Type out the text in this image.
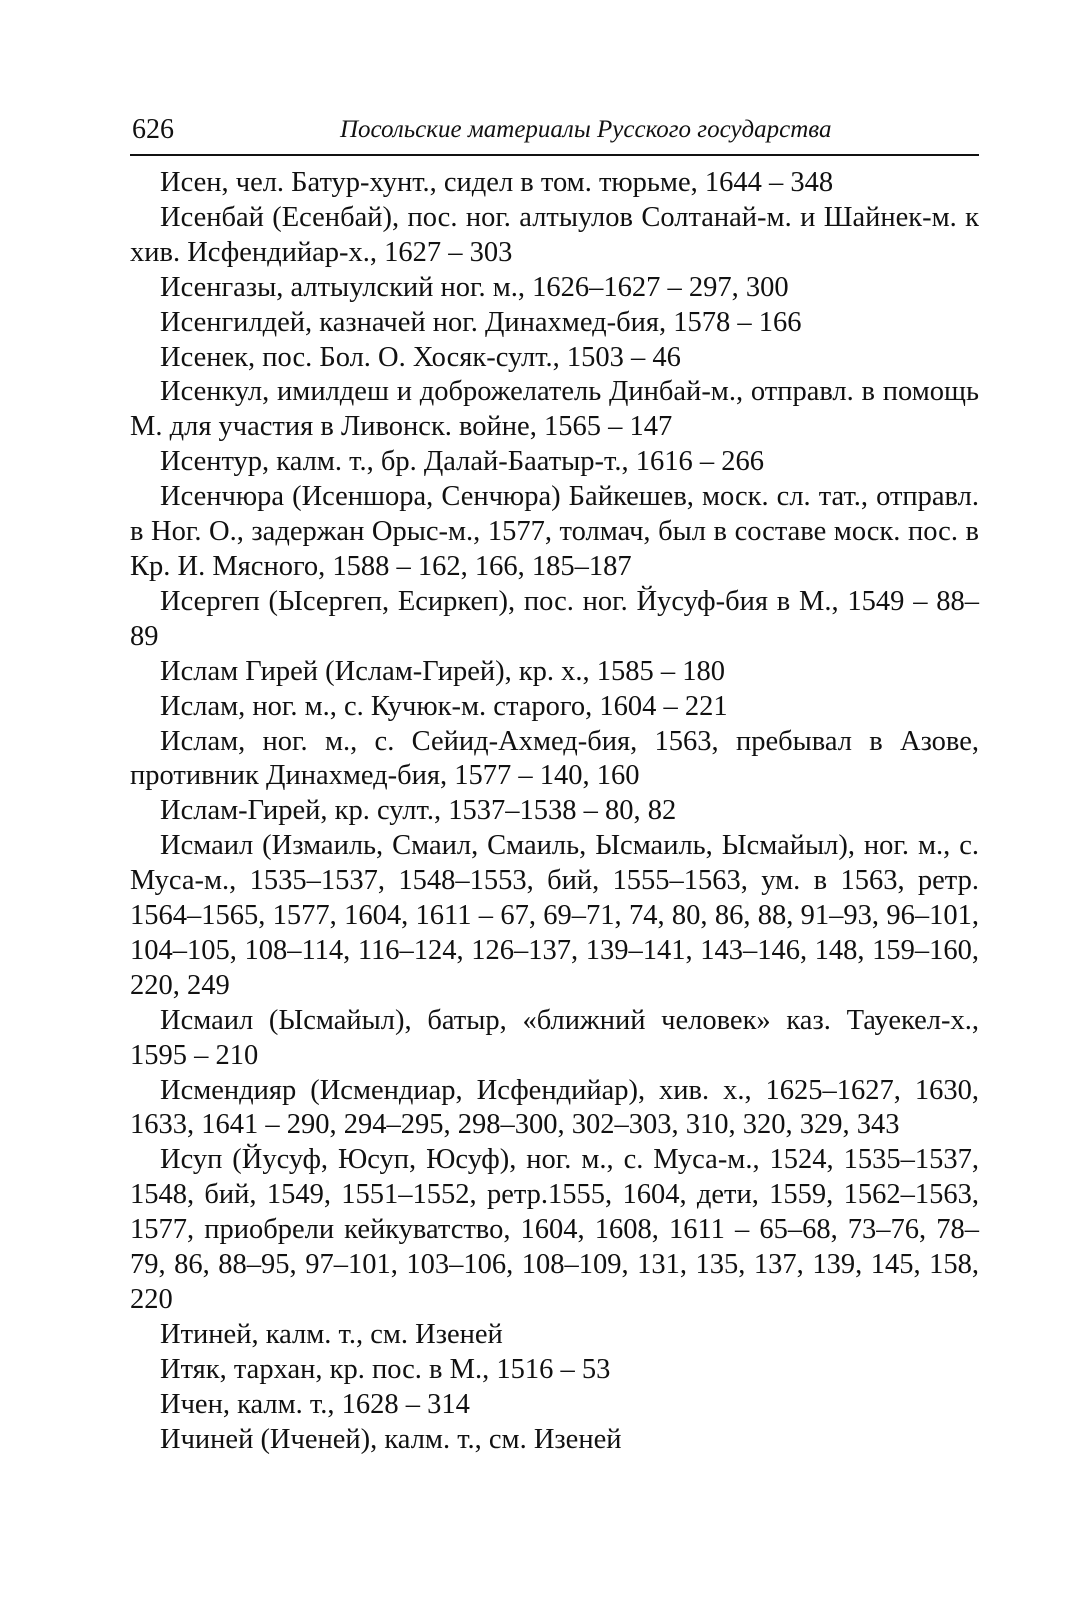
626	Посольские материалы Русского государства

Исен, чел. Батур-хунт., сидел в том. тюрьме, 1644 – 348

Исенбай (Есенбай), пос. ног. алтыулов Солтанай-м. и Шайнек-м. к хив. Исфендийар-х., 1627 – 303

Исенгазы, алтыулский ног. м., 1626–1627 – 297, 300

Исенгилдей, казначей ног. Динахмед-бия, 1578 – 166

Исенек, пос. Бол. О. Хосяк-султ., 1503 – 46

Исенкул, имилдеш и доброжелатель Динбай-м., отправл. в помощь М. для участия в Ливонск. войне, 1565 – 147

Исентур, калм. т., бр. Далай-Баатыр-т., 1616 – 266

Исенчюра (Исеншора, Сенчюра) Байкешев, моск. сл. тат., отправл. в Ног. О., задержан Орыс-м., 1577, толмач, был в составе моск. пос. в Кр. И. Мясного, 1588 – 162, 166, 185–187

Исергеп (Ысергеп, Есиркеп), пос. ног. Йусуф-бия в М., 1549 – 88–89

Ислам Гирей (Ислам-Гирей), кр. х., 1585 – 180

Ислам, ног. м., с. Кучюк-м. старого, 1604 – 221

Ислам, ног. м., с. Сейид-Ахмед-бия, 1563, пребывал в Азове, противник Динахмед-бия, 1577 – 140, 160

Ислам-Гирей, кр. султ., 1537–1538 – 80, 82

Исмаил (Измаиль, Смаил, Смаиль, Ысмаиль, Ысмайыл), ног. м., с. Муса-м., 1535–1537, 1548–1553, бий, 1555–1563, ум. в 1563, ретр. 1564–1565, 1577, 1604, 1611 – 67, 69–71, 74, 80, 86, 88, 91–93, 96–101, 104–105, 108–114, 116–124, 126–137, 139–141, 143–146, 148, 159–160, 220, 249

Исмаил (Ысмайыл), батыр, «ближний человек» каз. Тауекел-х., 1595 – 210

Исмендияр (Исмендиар, Исфендийар), хив. х., 1625–1627, 1630, 1633, 1641 – 290, 294–295, 298–300, 302–303, 310, 320, 329, 343

Исуп (Йусуф, Юсуп, Юсуф), ног. м., с. Муса-м., 1524, 1535–1537, 1548, бий, 1549, 1551–1552, ретр.1555, 1604, дети, 1559, 1562–1563, 1577, приобрели кейкуватство, 1604, 1608, 1611 – 65–68, 73–76, 78–79, 86, 88–95, 97–101, 103–106, 108–109, 131, 135, 137, 139, 145, 158, 220

Итиней, калм. т., см. Изеней

Итяк, тархан, кр. пос. в М., 1516 – 53

Ичен, калм. т., 1628 – 314

Ичиней (Иченей), калм. т., см. Изеней
